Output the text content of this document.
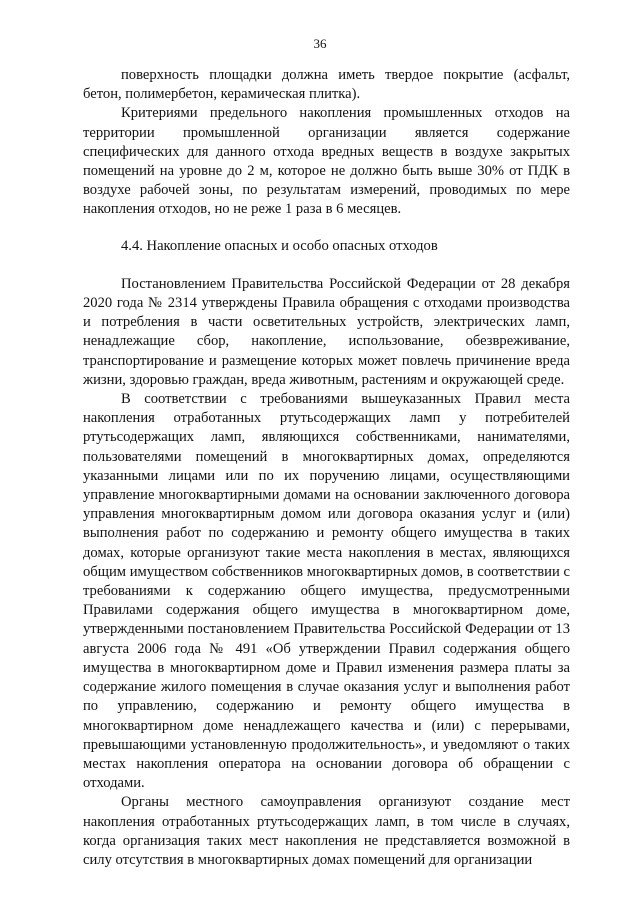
36

поверхность площадки должна иметь твердое покрытие (асфальт, бетон, полимербетон, керамическая плитка).

Критериями предельного накопления промышленных отходов на территории промышленной организации является содержание специфических для данного отхода вредных веществ в воздухе закрытых помещений на уровне до 2 м, которое не должно быть выше 30% от ПДК в воздухе рабочей зоны, по результатам измерений, проводимых по мере накопления отходов, но не реже 1 раза в 6 месяцев.

4.4. Накопление опасных и особо опасных отходов

Постановлением Правительства Российской Федерации от 28 декабря 2020 года № 2314 утверждены Правила обращения с отходами производства и потребления в части осветительных устройств, электрических ламп, ненадлежащие сбор, накопление, использование, обезвреживание, транспортирование и размещение которых может повлечь причинение вреда жизни, здоровью граждан, вреда животным, растениям и окружающей среде.

В соответствии с требованиями вышеуказанных Правил места накопления отработанных ртутьсодержащих ламп у потребителей ртутьсодержащих ламп, являющихся собственниками, нанимателями, пользователями помещений в многоквартирных домах, определяются указанными лицами или по их поручению лицами, осуществляющими управление многоквартирными домами на основании заключенного договора управления многоквартирным домом или договора оказания услуг и (или) выполнения работ по содержанию и ремонту общего имущества в таких домах, которые организуют такие места накопления в местах, являющихся общим имуществом собственников многоквартирных домов, в соответствии с требованиями к содержанию общего имущества, предусмотренными Правилами содержания общего имущества в многоквартирном доме, утвержденными постановлением Правительства Российской Федерации от 13 августа 2006 года № 491 «Об утверждении Правил содержания общего имущества в многоквартирном доме и Правил изменения размера платы за содержание жилого помещения в случае оказания услуг и выполнения работ по управлению, содержанию и ремонту общего имущества в многоквартирном доме ненадлежащего качества и (или) с перерывами, превышающими установленную продолжительность», и уведомляют о таких местах накопления оператора на основании договора об обращении с отходами.

Органы местного самоуправления организуют создание мест накопления отработанных ртутьсодержащих ламп, в том числе в случаях, когда организация таких мест накопления не представляется возможной в силу отсутствия в многоквартирных домах помещений для организации
